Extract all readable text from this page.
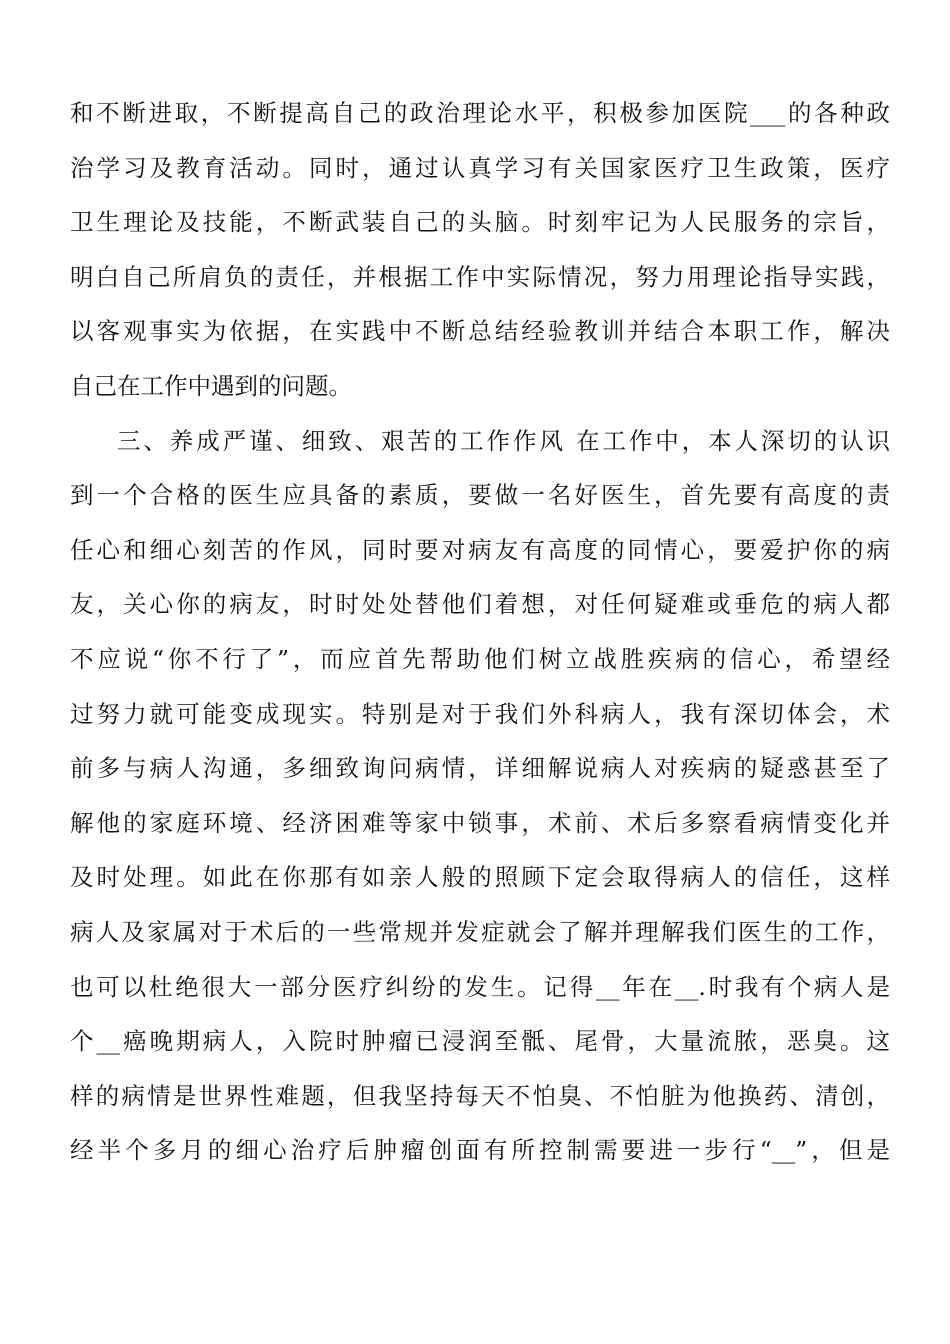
和不断进取，不断提高自己的政治理论水平，积极参加医院___的各种政
治学习及教育活动。同时，通过认真学习有关国家医疗卫生政策，医疗
卫生理论及技能，不断武装自己的头脑。时刻牢记为人民服务的宗旨，
明白自己所肩负的责任，并根据工作中实际情况，努力用理论指导实践，
以客观事实为依据，在实践中不断总结经验教训并结合本职工作，解决
自己在工作中遇到的问题。
三、养成严谨、细致、艰苦的工作作风 在工作中，本人深切的认识
到一个合格的医生应具备的素质，要做一名好医生，首先要有高度的责
任心和细心刻苦的作风，同时要对病友有高度的同情心，要爱护你的病
友，关心你的病友，时时处处替他们着想，对任何疑难或垂危的病人都
不应说“你不行了”，而应首先帮助他们树立战胜疾病的信心，希望经
过努力就可能变成现实。特别是对于我们外科病人，我有深切体会，术
前多与病人沟通，多细致询问病情，详细解说病人对疾病的疑惑甚至了
解他的家庭环境、经济困难等家中锁事，术前、术后多察看病情变化并
及时处理。如此在你那有如亲人般的照顾下定会取得病人的信任，这样
病人及家属对于术后的一些常规并发症就会了解并理解我们医生的工作，
也可以杜绝很大一部分医疗纠纷的发生。记得__年在__.时我有个病人是
个__癌晚期病人，入院时肿瘤已浸润至骶、尾骨，大量流脓，恶臭。这
样的病情是世界性难题，但我坚持每天不怕臭、不怕脏为他换药、清创，
经半个多月的细心治疗后肿瘤创面有所控制需要进一步行“__”，但是
